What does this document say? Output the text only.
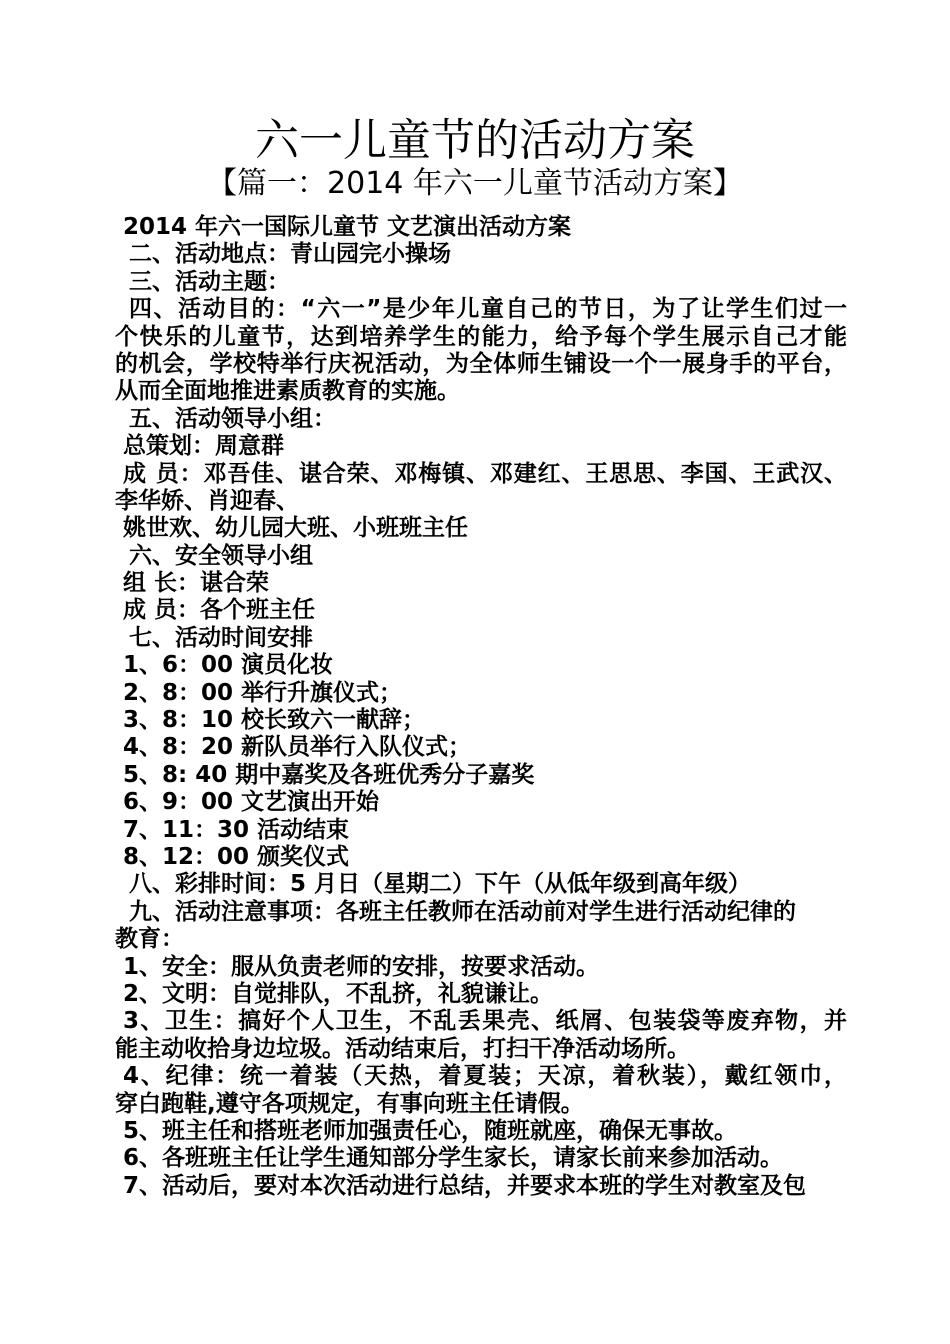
六一儿童节的活动方案
【篇一：2014 年六一儿童节活动方案】
2014 年六一国际儿童节 文艺演出活动方案
二、活动地点：青山园完小操场
三、活动主题：
四、活动目的：“六一”是少年儿童自己的节日，为了让学生们过一
个快乐的儿童节，达到培养学生的能力，给予每个学生展示自己才能
的机会，学校特举行庆祝活动，为全体师生铺设一个一展身手的平台，
从而全面地推进素质教育的实施。
五、活动领导小组：
总策划：周意群
成 员：邓吾佳、谌合荣、邓梅镇、邓建红、王思思、李国、王武汉、
李华娇、肖迎春、
姚世欢、幼儿园大班、小班班主任
六、安全领导小组
组 长：谌合荣
成 员：各个班主任
七、活动时间安排
1、6：00 演员化妆
2、8：00 举行升旗仪式；
3、8：10 校长致六一献辞；
4、8：20 新队员举行入队仪式；
5、8: 40 期中嘉奖及各班优秀分子嘉奖
6、9：00 文艺演出开始
7、11：30 活动结束
8、12：00 颁奖仪式
八、彩排时间：5 月日（星期二）下午（从低年级到高年级）
九、活动注意事项：各班主任教师在活动前对学生进行活动纪律的
教育：
1、安全：服从负责老师的安排，按要求活动。
2、文明：自觉排队，不乱挤，礼貌谦让。
3、卫生：搞好个人卫生，不乱丢果壳、纸屑、包装袋等废弃物，并
能主动收拾身边垃圾。活动结束后，打扫干净活动场所。
4、纪律：统一着装（天热，着夏装；天凉，着秋装），戴红领巾，
穿白跑鞋,遵守各项规定，有事向班主任请假。
5、班主任和搭班老师加强责任心，随班就座，确保无事故。
6、各班班主任让学生通知部分学生家长，请家长前来参加活动。
7、活动后，要对本次活动进行总结，并要求本班的学生对教室及包
